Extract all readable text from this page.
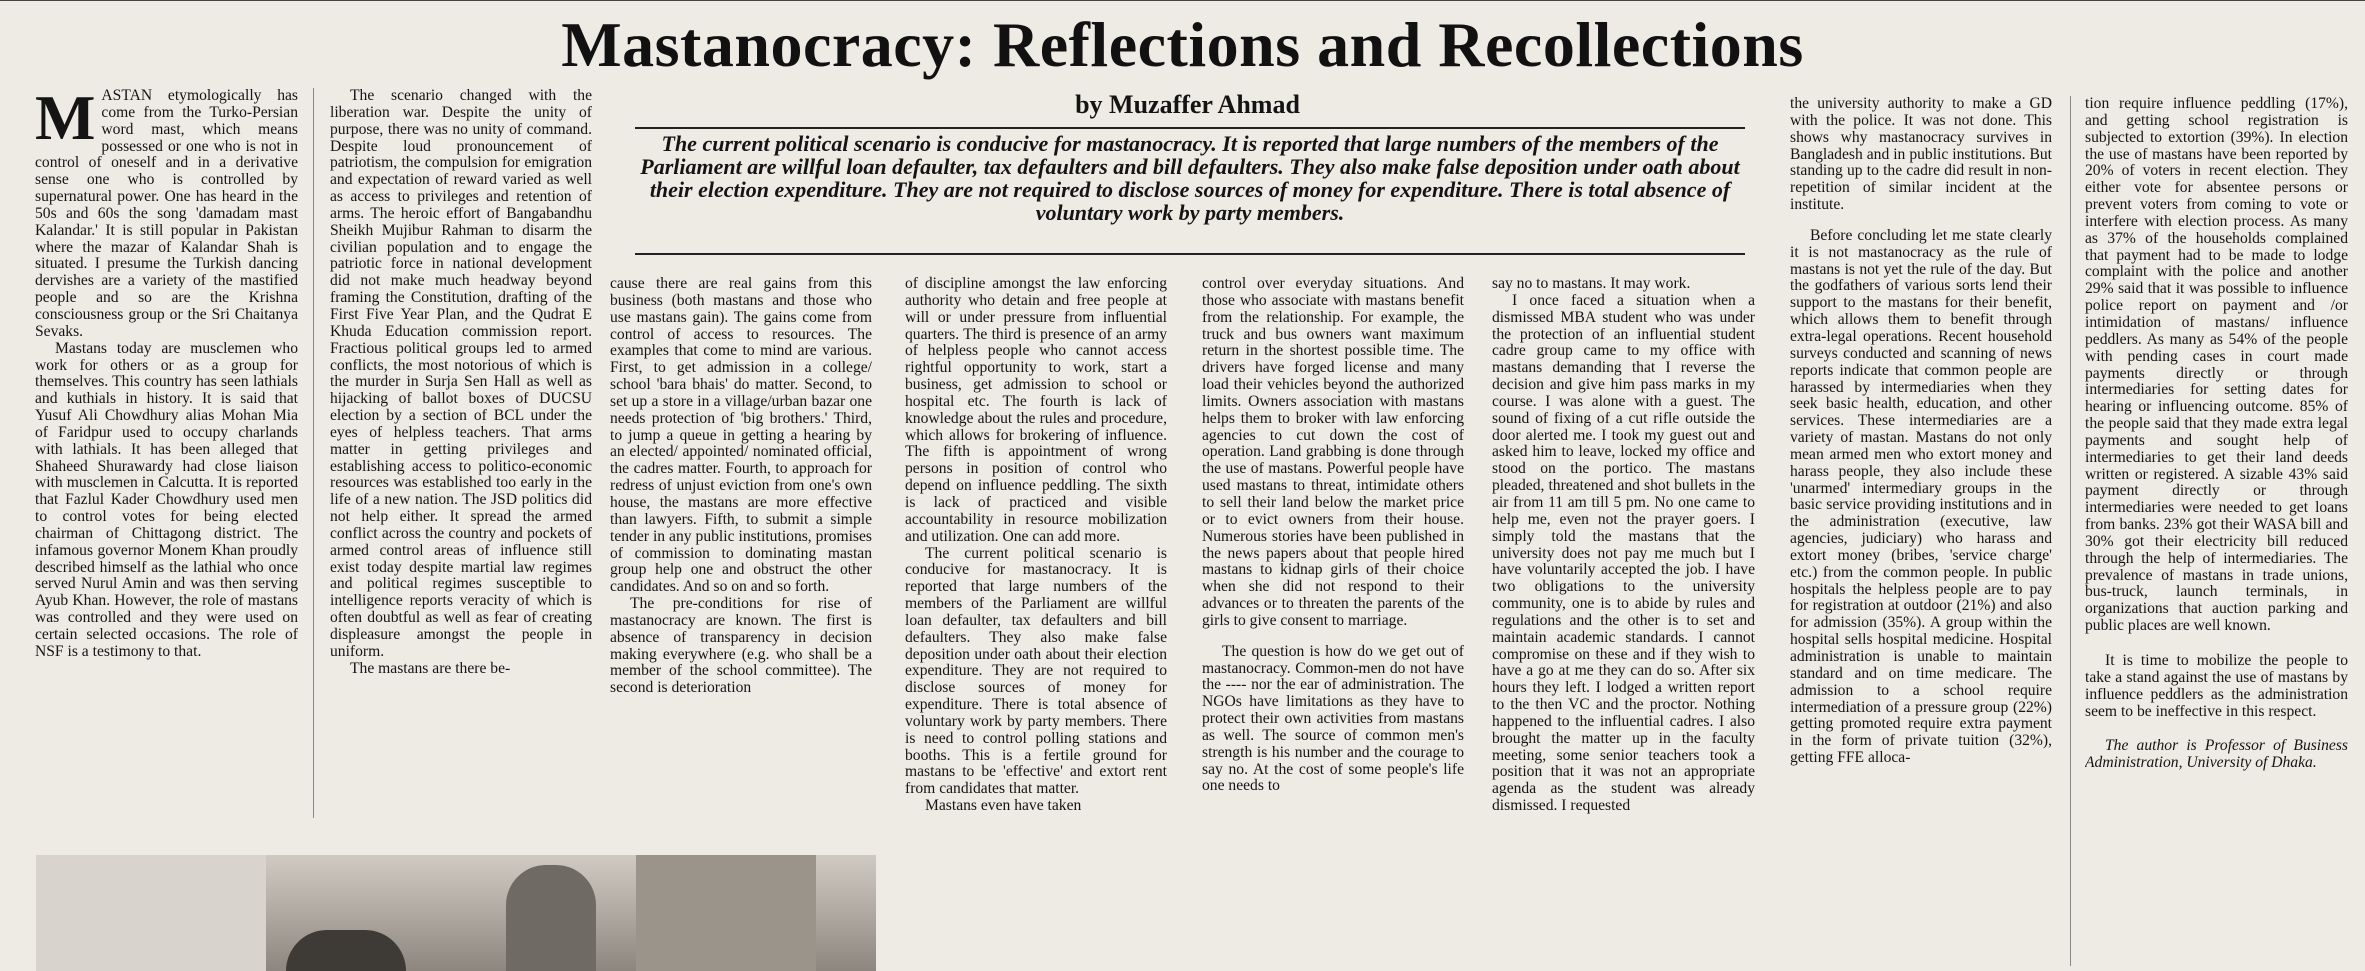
Mastanocracy: Reflections and Recollections
M ASTAN etymologically has come from the Turko-Persian word mast, which means possessed or one who is not in control of oneself and in a derivative sense one who is controlled by supernatural power. One has heard in the 50s and 60s the song 'damadam mast Kalandar.' It is still popular in Pakistan where the mazar of Kalandar Shah is situated. I presume the Turkish dancing dervishes are a variety of the mastified people and so are the Krishna consciousness group or the Sri Chaitanya Sevaks.

Mastans today are musclemen who work for others or as a group for themselves. This country has seen lathials and kuthials in history. It is said that Yusuf Ali Chowdhury alias Mohan Mia of Faridpur used to occupy charlands with lathials. It has been alleged that Shaheed Shurawardy had close liaison with musclemen in Calcutta. It is reported that Fazlul Kader Chowdhury used men to control votes for being elected chairman of Chittagong district. The infamous governor Monem Khan proudly described himself as the lathial who once served Nurul Amin and was then serving Ayub Khan. However, the role of mastans was controlled and they were used on certain selected occasions. The role of NSF is a testimony to that.

The scenario changed with the liberation war. Despite the unity of purpose, there was no unity of command. Despite loud pronouncement of patriotism, the compulsion for emigration and expectation of reward varied as well as access to privileges and retention of arms. The heroic effort of Bangabandhu Sheikh Mujibur Rahman to disarm the civilian population and to engage the patriotic force in national development did not make much headway beyond framing the Constitution, drafting of the First Five Year Plan, and the Qudrat E Khuda Education commission report. Fractious political groups led to armed conflicts, the most notorious of which is the murder in Surja Sen Hall as well as hijacking of ballot boxes of DUCSU election by a section of BCL under the eyes of helpless teachers. That arms matter in getting privileges and establishing access to politico-economic resources was established too early in the life of a new nation. The JSD politics did not help either. It spread the armed conflict across the country and pockets of armed control areas of influence still exist today despite martial law regimes and political regimes susceptible to intelligence reports veracity of which is often doubtful as well as fear of creating displeasure amongst the people in uniform.

The mastans are there be-

by Muzaffer Ahmad
The current political scenario is conducive for mastanocracy. It is reported that large numbers of the members of the Parliament are willful loan defaulter, tax defaulters and bill defaulters. They also make false deposition under oath about their election expenditure. They are not required to disclose sources of money for expenditure. There is total absence of voluntary work by party members.

cause there are real gains from this business (both mastans and those who use mastans gain). The gains come from control of access to resources. The examples that come to mind are various. First, to get admission in a college/ school 'bara bhais' do matter. Second, to set up a store in a village/urban bazar one needs protection of 'big brothers.' Third, to jump a queue in getting a hearing by an elected/ appointed/ nominated official, the cadres matter. Fourth, to approach for redress of unjust eviction from one's own house, the mastans are more effective than lawyers. Fifth, to submit a simple tender in any public institutions, promises of commission to dominating mastan group help one and obstruct the other candidates. And so on and so forth.

The pre-conditions for rise of mastanocracy are known. The first is absence of transparency in decision making everywhere (e.g. who shall be a member of the school committee). The second is deterioration

of discipline amongst the law enforcing authority who detain and free people at will or under pressure from influential quarters. The third is presence of an army of helpless people who cannot access rightful opportunity to work, start a business, get admission to school or hospital etc. The fourth is lack of knowledge about the rules and procedure, which allows for brokering of influence. The fifth is appointment of wrong persons in position of control who depend on influence peddling. The sixth is lack of practiced and visible accountability in resource mobilization and utilization. One can add more.

The current political scenario is conducive for mastanocracy. It is reported that large numbers of the members of the Parliament are willful loan defaulter, tax defaulters and bill defaulters. They also make false deposition under oath about their election expenditure. They are not required to disclose sources of money for expenditure. There is total absence of voluntary work by party members. There is need to control polling stations and booths. This is a fertile ground for mastans to be 'effective' and extort rent from candidates that matter.

Mastans even have taken

control over everyday situations. And those who associate with mastans benefit from the relationship. For example, the truck and bus owners want maximum return in the shortest possible time. The drivers have forged license and many load their vehicles beyond the authorized limits. Owners association with mastans helps them to broker with law enforcing agencies to cut down the cost of operation. Land grabbing is done through the use of mastans. Powerful people have used mastans to threat, intimidate others to sell their land below the market price or to evict owners from their house. Numerous stories have been published in the news papers about that people hired mastans to kidnap girls of their choice when she did not respond to their advances or to threaten the parents of the girls to give consent to marriage.

The question is how do we get out of mastanocracy. Common-men do not have the ---- nor the ear of administration. The NGOs have limitations as they have to protect their own activities from mastans as well. The source of common men's strength is his number and the courage to say no. At the cost of some people's life one needs to

say no to mastans. It may work.

I once faced a situation when a dismissed MBA student who was under the protection of an influential student cadre group came to my office with mastans demanding that I reverse the decision and give him pass marks in my course. I was alone with a guest. The sound of fixing of a cut rifle outside the door alerted me. I took my guest out and asked him to leave, locked my office and stood on the portico. The mastans pleaded, threatened and shot bullets in the air from 11 am till 5 pm. No one came to help me, even not the prayer goers. I simply told the mastans that the university does not pay me much but I have voluntarily accepted the job. I have two obligations to the university community, one is to abide by rules and regulations and the other is to set and maintain academic standards. I cannot compromise on these and if they wish to have a go at me they can do so. After six hours they left. I lodged a written report to the then VC and the proctor. Nothing happened to the influential cadres. I also brought the matter up in the faculty meeting, some senior teachers took a position that it was not an appropriate agenda as the student was already dismissed. I requested

the university authority to make a GD with the police. It was not done. This shows why mastanocracy survives in Bangladesh and in public institutions. But standing up to the cadre did result in non-repetition of similar incident at the institute.

Before concluding let me state clearly it is not mastanocracy as the rule of mastans is not yet the rule of the day. But the godfathers of various sorts lend their support to the mastans for their benefit, which allows them to benefit through extra-legal operations. Recent household surveys conducted and scanning of news reports indicate that common people are harassed by intermediaries when they seek basic health, education, and other services. These intermediaries are a variety of mastan. Mastans do not only mean armed men who extort money and harass people, they also include these 'unarmed' intermediary groups in the basic service providing institutions and in the administration (executive, law agencies, judiciary) who harass and extort money (bribes, 'service charge' etc.) from the common people. In public hospitals the helpless people are to pay for registration at outdoor (21%) and also for admission (35%). A group within the hospital sells hospital medicine. Hospital administration is unable to maintain standard and on time medicare. The admission to a school require intermediation of a pressure group (22%) getting promoted require extra payment in the form of private tuition (32%), getting FFE alloca-

tion require influence peddling (17%), and getting school registration is subjected to extortion (39%). In election the use of mastans have been reported by 20% of voters in recent election. They either vote for absentee persons or prevent voters from coming to vote or interfere with election process. As many as 37% of the households complained that payment had to be made to lodge complaint with the police and another 29% said that it was possible to influence police report on payment and /or intimidation of mastans/ influence peddlers. As many as 54% of the people with pending cases in court made payments directly or through intermediaries for setting dates for hearing or influencing outcome. 85% of the people said that they made extra legal payments and sought help of intermediaries to get their land deeds written or registered. A sizable 43% said payment directly or through intermediaries were needed to get loans from banks. 23% got their WASA bill and 30% got their electricity bill reduced through the help of intermediaries. The prevalence of mastans in trade unions, bus-truck, launch terminals, in organizations that auction parking and public places are well known.

It is time to mobilize the people to take a stand against the use of mastans by influence peddlers as the administration seem to be ineffective in this respect.

The author is Professor of Business Administration, University of Dhaka.
